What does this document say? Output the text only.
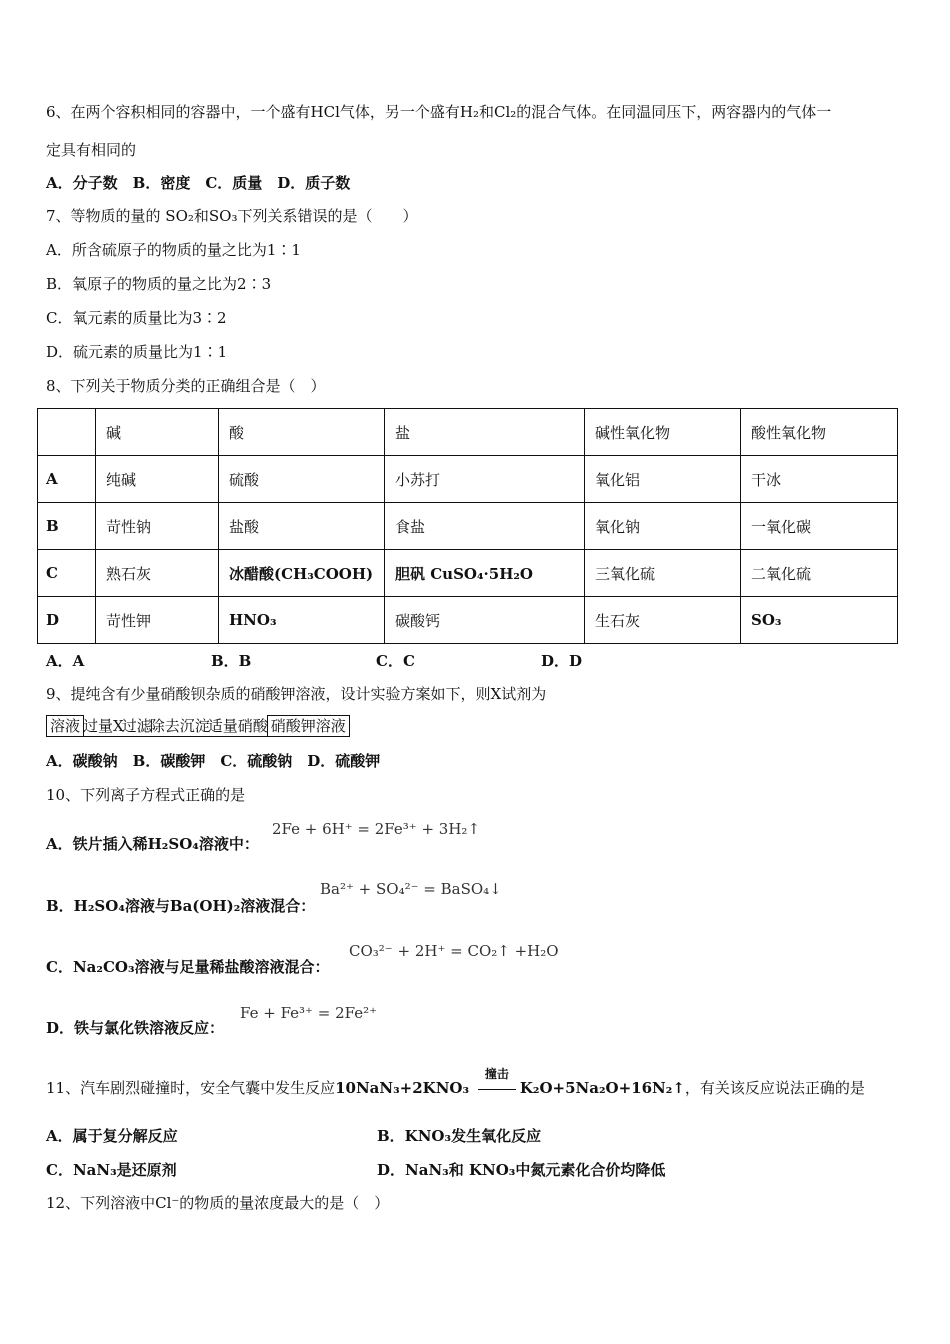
6、在两个容积相同的容器中，一个盛有HCl气体，另一个盛有H₂和Cl₂的混合气体。在同温同压下，两容器内的气体一
定具有相同的
A．分子数　B．密度　C．质量　D．质子数
7、等物质的量的 SO₂和SO₃下列关系错误的是（　　）
A．所含硫原子的物质的量之比为1∶1
B．氧原子的物质的量之比为2∶3
C．氧元素的质量比为3∶2
D．硫元素的质量比为1∶1
8、下列关于物质分类的正确组合是（　）
	碱	酸	盐	碱性氧化物	酸性氧化物
A	纯碱	硫酸	小苏打	氧化铝	干冰
B	苛性钠	盐酸	食盐	氧化钠	一氧化碳
C	熟石灰	冰醋酸(CH₃COOH)	胆矾 CuSO₄·5H₂O	三氧化硫	二氧化硫
D	苛性钾	HNO₃	碳酸钙	生石灰	SO₃
A．A	B．B	C．C	D．D
9、提纯含有少量硝酸钡杂质的硝酸钾溶液，设计实验方案如下，则X试剂为
溶液 过量X过滤除去沉淀适量硝酸 硝酸钾溶液
A．碳酸钠　B．碳酸钾　C．硫酸钠　D．硫酸钾
10、下列离子方程式正确的是
A．铁片插入稀H₂SO₄溶液中：
2Fe + 6H⁺ = 2Fe³⁺ + 3H₂↑
B．H₂SO₄溶液与Ba(OH)₂溶液混合：
Ba²⁺ + SO₄²⁻ = BaSO₄↓
C．Na₂CO₃溶液与足量稀盐酸溶液混合：
CO₃²⁻ + 2H⁺ = CO₂↑ +H₂O
D．铁与氯化铁溶液反应：
Fe + Fe³⁺ = 2Fe²⁺
11、汽车剧烈碰撞时，安全气囊中发生反应10NaN₃+2KNO₃
撞击
K₂O+5Na₂O+16N₂↑，有关该反应说法正确的是
A．属于复分解反应	B．KNO₃发生氧化反应
C．NaN₃是还原剂	D．NaN₃和 KNO₃中氮元素化合价均降低
12、下列溶液中Cl⁻的物质的量浓度最大的是（　）
